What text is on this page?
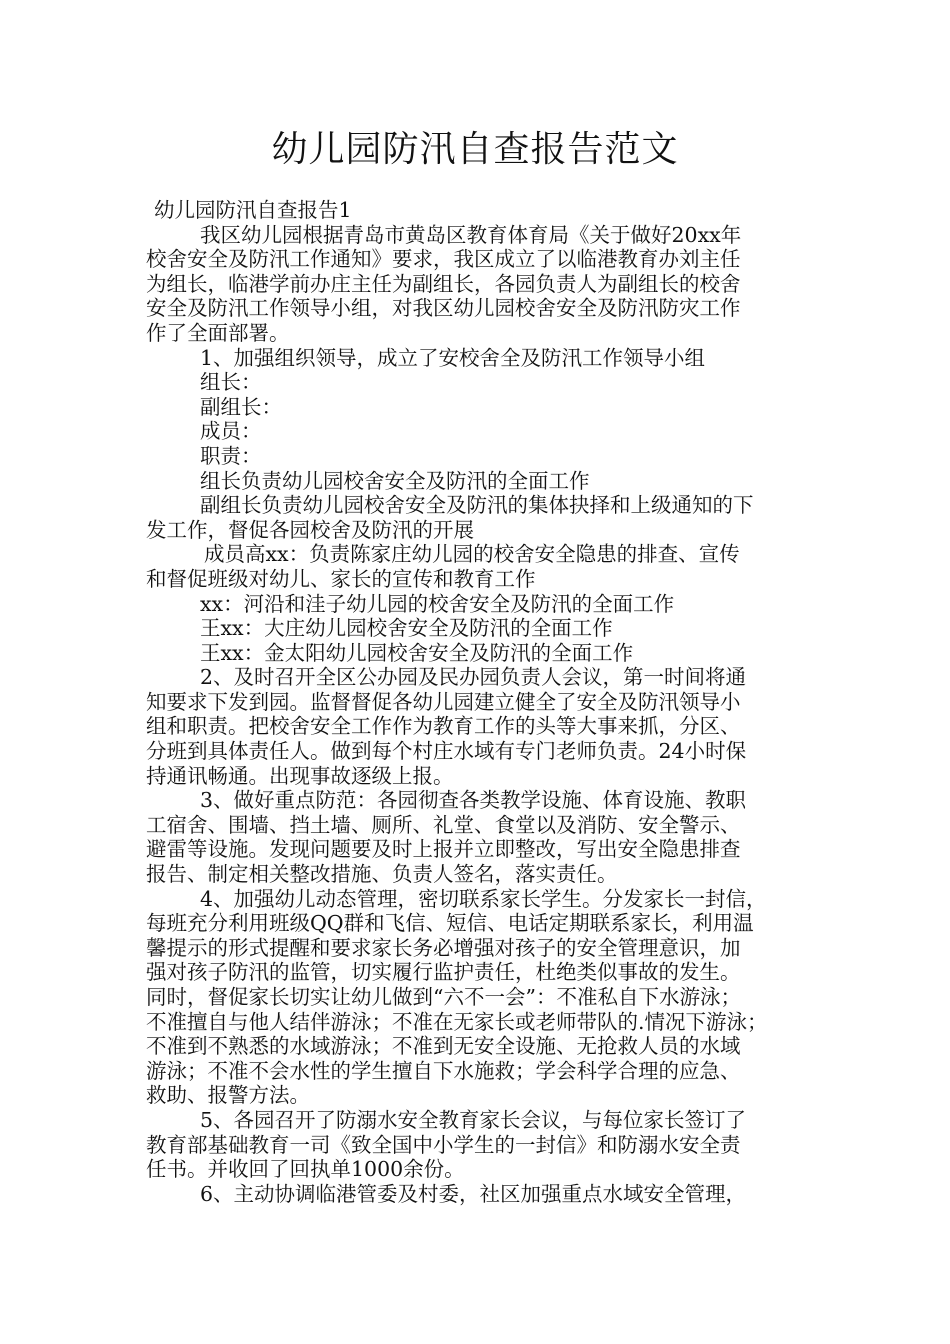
幼儿园防汛自查报告范文

幼儿园防汛自查报告1

我区幼儿园根据青岛市黄岛区教育体育局《关于做好20xx年

校舍安全及防汛工作通知》要求，我区成立了以临港教育办刘主任

为组长，临港学前办庄主任为副组长，各园负责人为副组长的校舍

安全及防汛工作领导小组，对我区幼儿园校舍安全及防汛防灾工作

作了全面部署。

1、加强组织领导，成立了安校舍全及防汛工作领导小组

组长：

副组长：

成员：

职责：

组长负责幼儿园校舍安全及防汛的全面工作

副组长负责幼儿园校舍安全及防汛的集体抉择和上级通知的下

发工作，督促各园校舍及防汛的开展

成员高xx：负责陈家庄幼儿园的校舍安全隐患的排查、宣传

和督促班级对幼儿、家长的宣传和教育工作

xx：河沿和洼子幼儿园的校舍安全及防汛的全面工作

王xx：大庄幼儿园校舍安全及防汛的全面工作

王xx：金太阳幼儿园校舍安全及防汛的全面工作

2、及时召开全区公办园及民办园负责人会议，第一时间将通

知要求下发到园。监督督促各幼儿园建立健全了安全及防汛领导小

组和职责。把校舍安全工作作为教育工作的头等大事来抓，分区、

分班到具体责任人。做到每个村庄水域有专门老师负责。24小时保

持通讯畅通。出现事故逐级上报。

3、做好重点防范：各园彻查各类教学设施、体育设施、教职

工宿舍、围墙、挡土墙、厕所、礼堂、食堂以及消防、安全警示、

避雷等设施。发现问题要及时上报并立即整改，写出安全隐患排查

报告、制定相关整改措施、负责人签名，落实责任。

4、加强幼儿动态管理，密切联系家长学生。分发家长一封信，

每班充分利用班级QQ群和飞信、短信、电话定期联系家长，利用温

馨提示的形式提醒和要求家长务必增强对孩子的安全管理意识，加

强对孩子防汛的监管，切实履行监护责任，杜绝类似事故的发生。

同时，督促家长切实让幼儿做到“六不一会”：不准私自下水游泳；

不准擅自与他人结伴游泳；不准在无家长或老师带队的.情况下游泳；

不准到不熟悉的水域游泳；不准到无安全设施、无抢救人员的水域

游泳；不准不会水性的学生擅自下水施救；学会科学合理的应急、

救助、报警方法。

5、各园召开了防溺水安全教育家长会议，与每位家长签订了

教育部基础教育一司《致全国中小学生的一封信》和防溺水安全责

任书。并收回了回执单1000余份。

6、主动协调临港管委及村委，社区加强重点水域安全管理，
